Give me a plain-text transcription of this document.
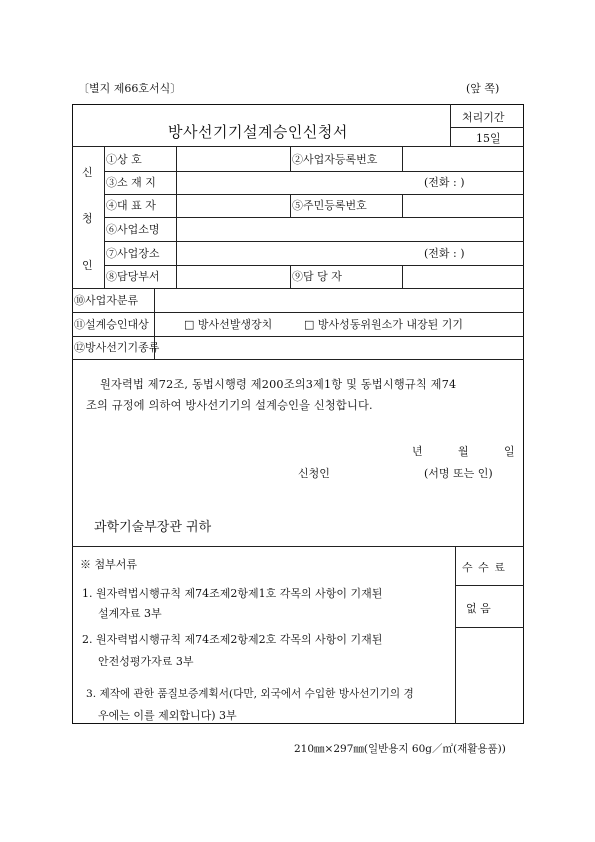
〔별지 제66호서식〕	(앞 쪽)
방사선기기설계승인신청서
처리기간
15일
신
청
인
①상 호	②사업자등록번호
③소 재 지	(전화 : )
④대 표 자	⑤주민등록번호
⑥사업소명
⑦사업장소	(전화 : )
⑧담당부서	⑨담 당 자
⑩사업자분류
⑪설계승인대상	□ 방사선발생장치	□ 방사성동위원소가 내장된 기기
⑫방사선기기종류
원자력법 제72조, 동법시행령 제200조의3제1항 및 동법시행규칙 제74
조의 규정에 의하여 방사선기기의 설계승인을 신청합니다.
년	월	일
신청인	(서명 또는 인)
과학기술부장관 귀하
수 수 료
없 음
※ 첨부서류
1. 원자력법시행규칙 제74조제2항제1호 각목의 사항이 기재된
설계자료 3부
2. 원자력법시행규칙 제74조제2항제2호 각목의 사항이 기재된
안전성평가자료 3부
3. 제작에 관한 품질보증계획서(다만, 외국에서 수입한 방사선기기의 경
우에는 이를 제외합니다) 3부
210㎜×297㎜(일반용지 60g／㎡(재활용품))
